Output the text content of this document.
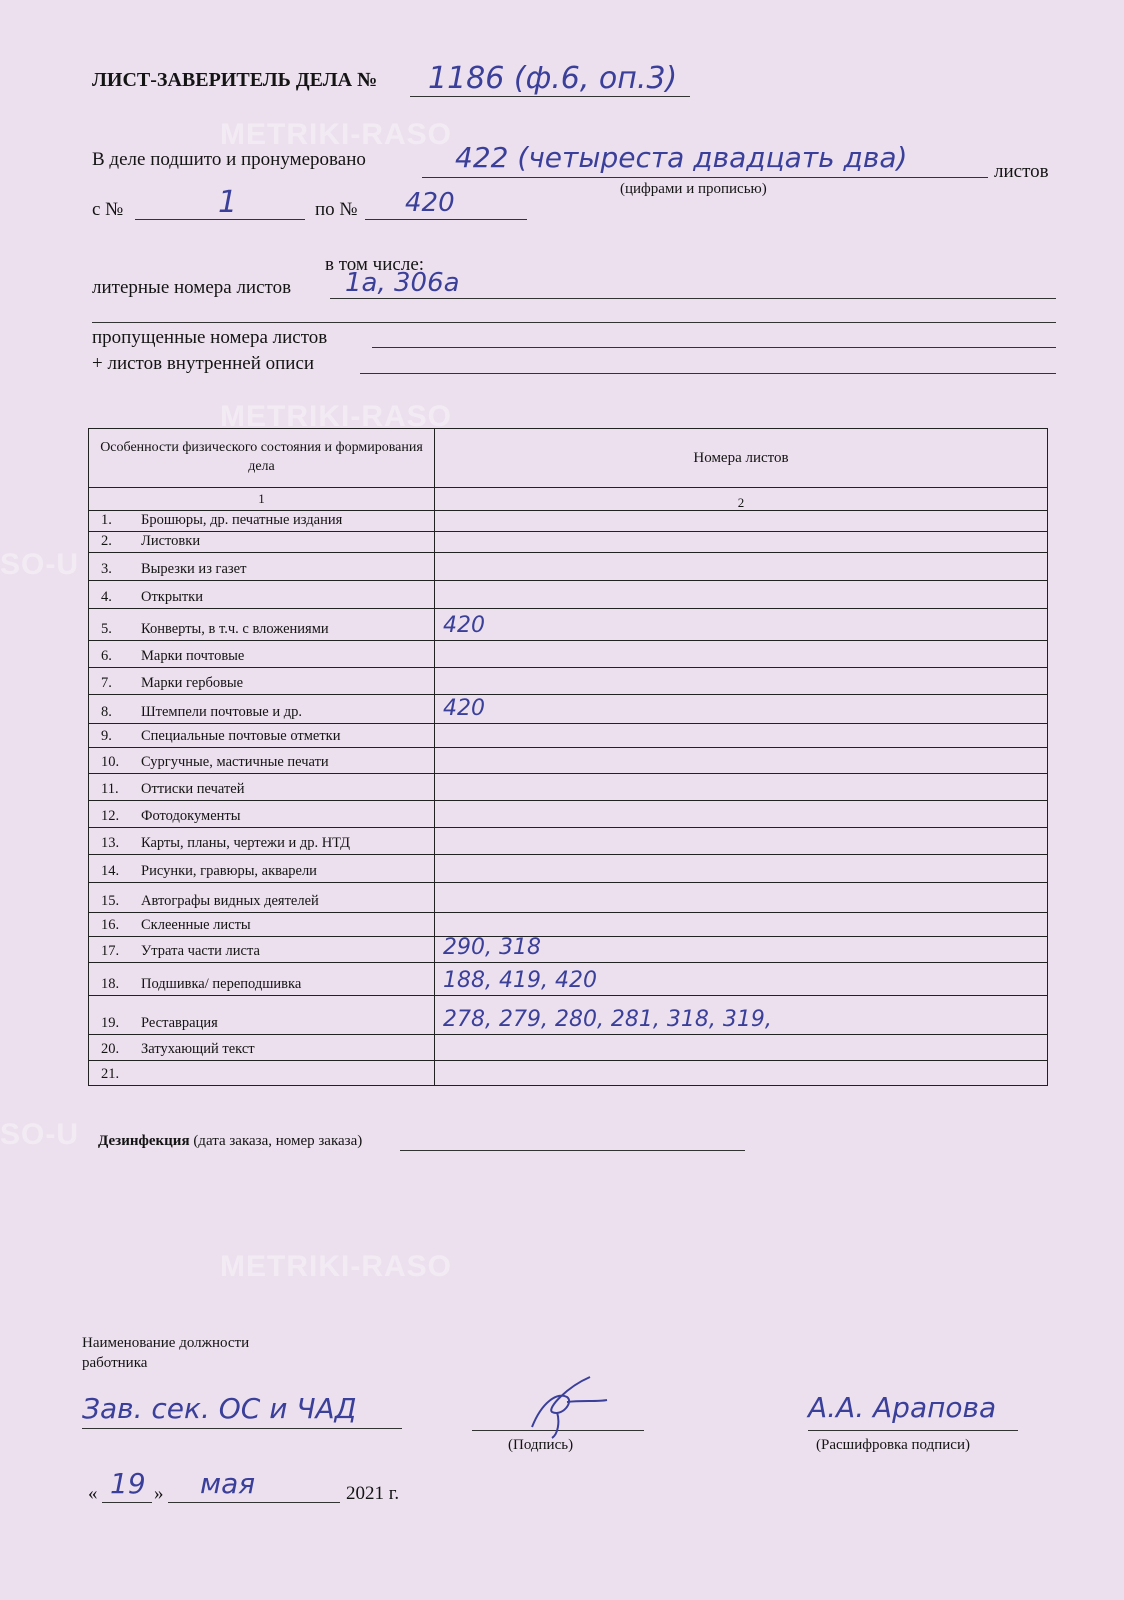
METRIKI-RASO
METRIKI-RASO
METRIKI-RASO
SO-U
SO-U
ЛИСТ-ЗАВЕРИТЕЛЬ ДЕЛА № 1186 (ф.6, оп.3)
В деле подшито и пронумеровано	422 (четыреста двадцать два)	листов
(цифрами и прописью)
с №	1	по № 420
в том числе:
литерные номера листов 1а, 306а
пропущенные номера листов
+ листов внутренней описи
Особенности физического состояния и формирования дела
Номера листов
1	2
1. Брошюры, др. печатные издания
2. Листовки
3. Вырезки из газет
4. Открытки
5. Конверты, в т.ч. с вложениями	420
6. Марки почтовые
7. Марки гербовые
8. Штемпели почтовые и др.	420
9. Специальные почтовые отметки
10. Сургучные, мастичные печати
11. Оттиски печатей
12. Фотодокументы
13. Карты, планы, чертежи и др. НТД
14. Рисунки, гравюры, акварели
15. Автографы видных деятелей
16. Склеенные листы
17. Утрата части листа	290, 318
18. Подшивка/ переподшивка	188, 419, 420
19. Реставрация	278, 279, 280, 281, 318, 319,
20. Затухающий текст
21.
Дезинфекция (дата заказа, номер заказа)
Наименование должности
работника
Зав. сек. ОС и ЧАД
(Подпись)
А.А. Арапова
(Расшифровка подписи)
« 19 » мая	2021 г.
